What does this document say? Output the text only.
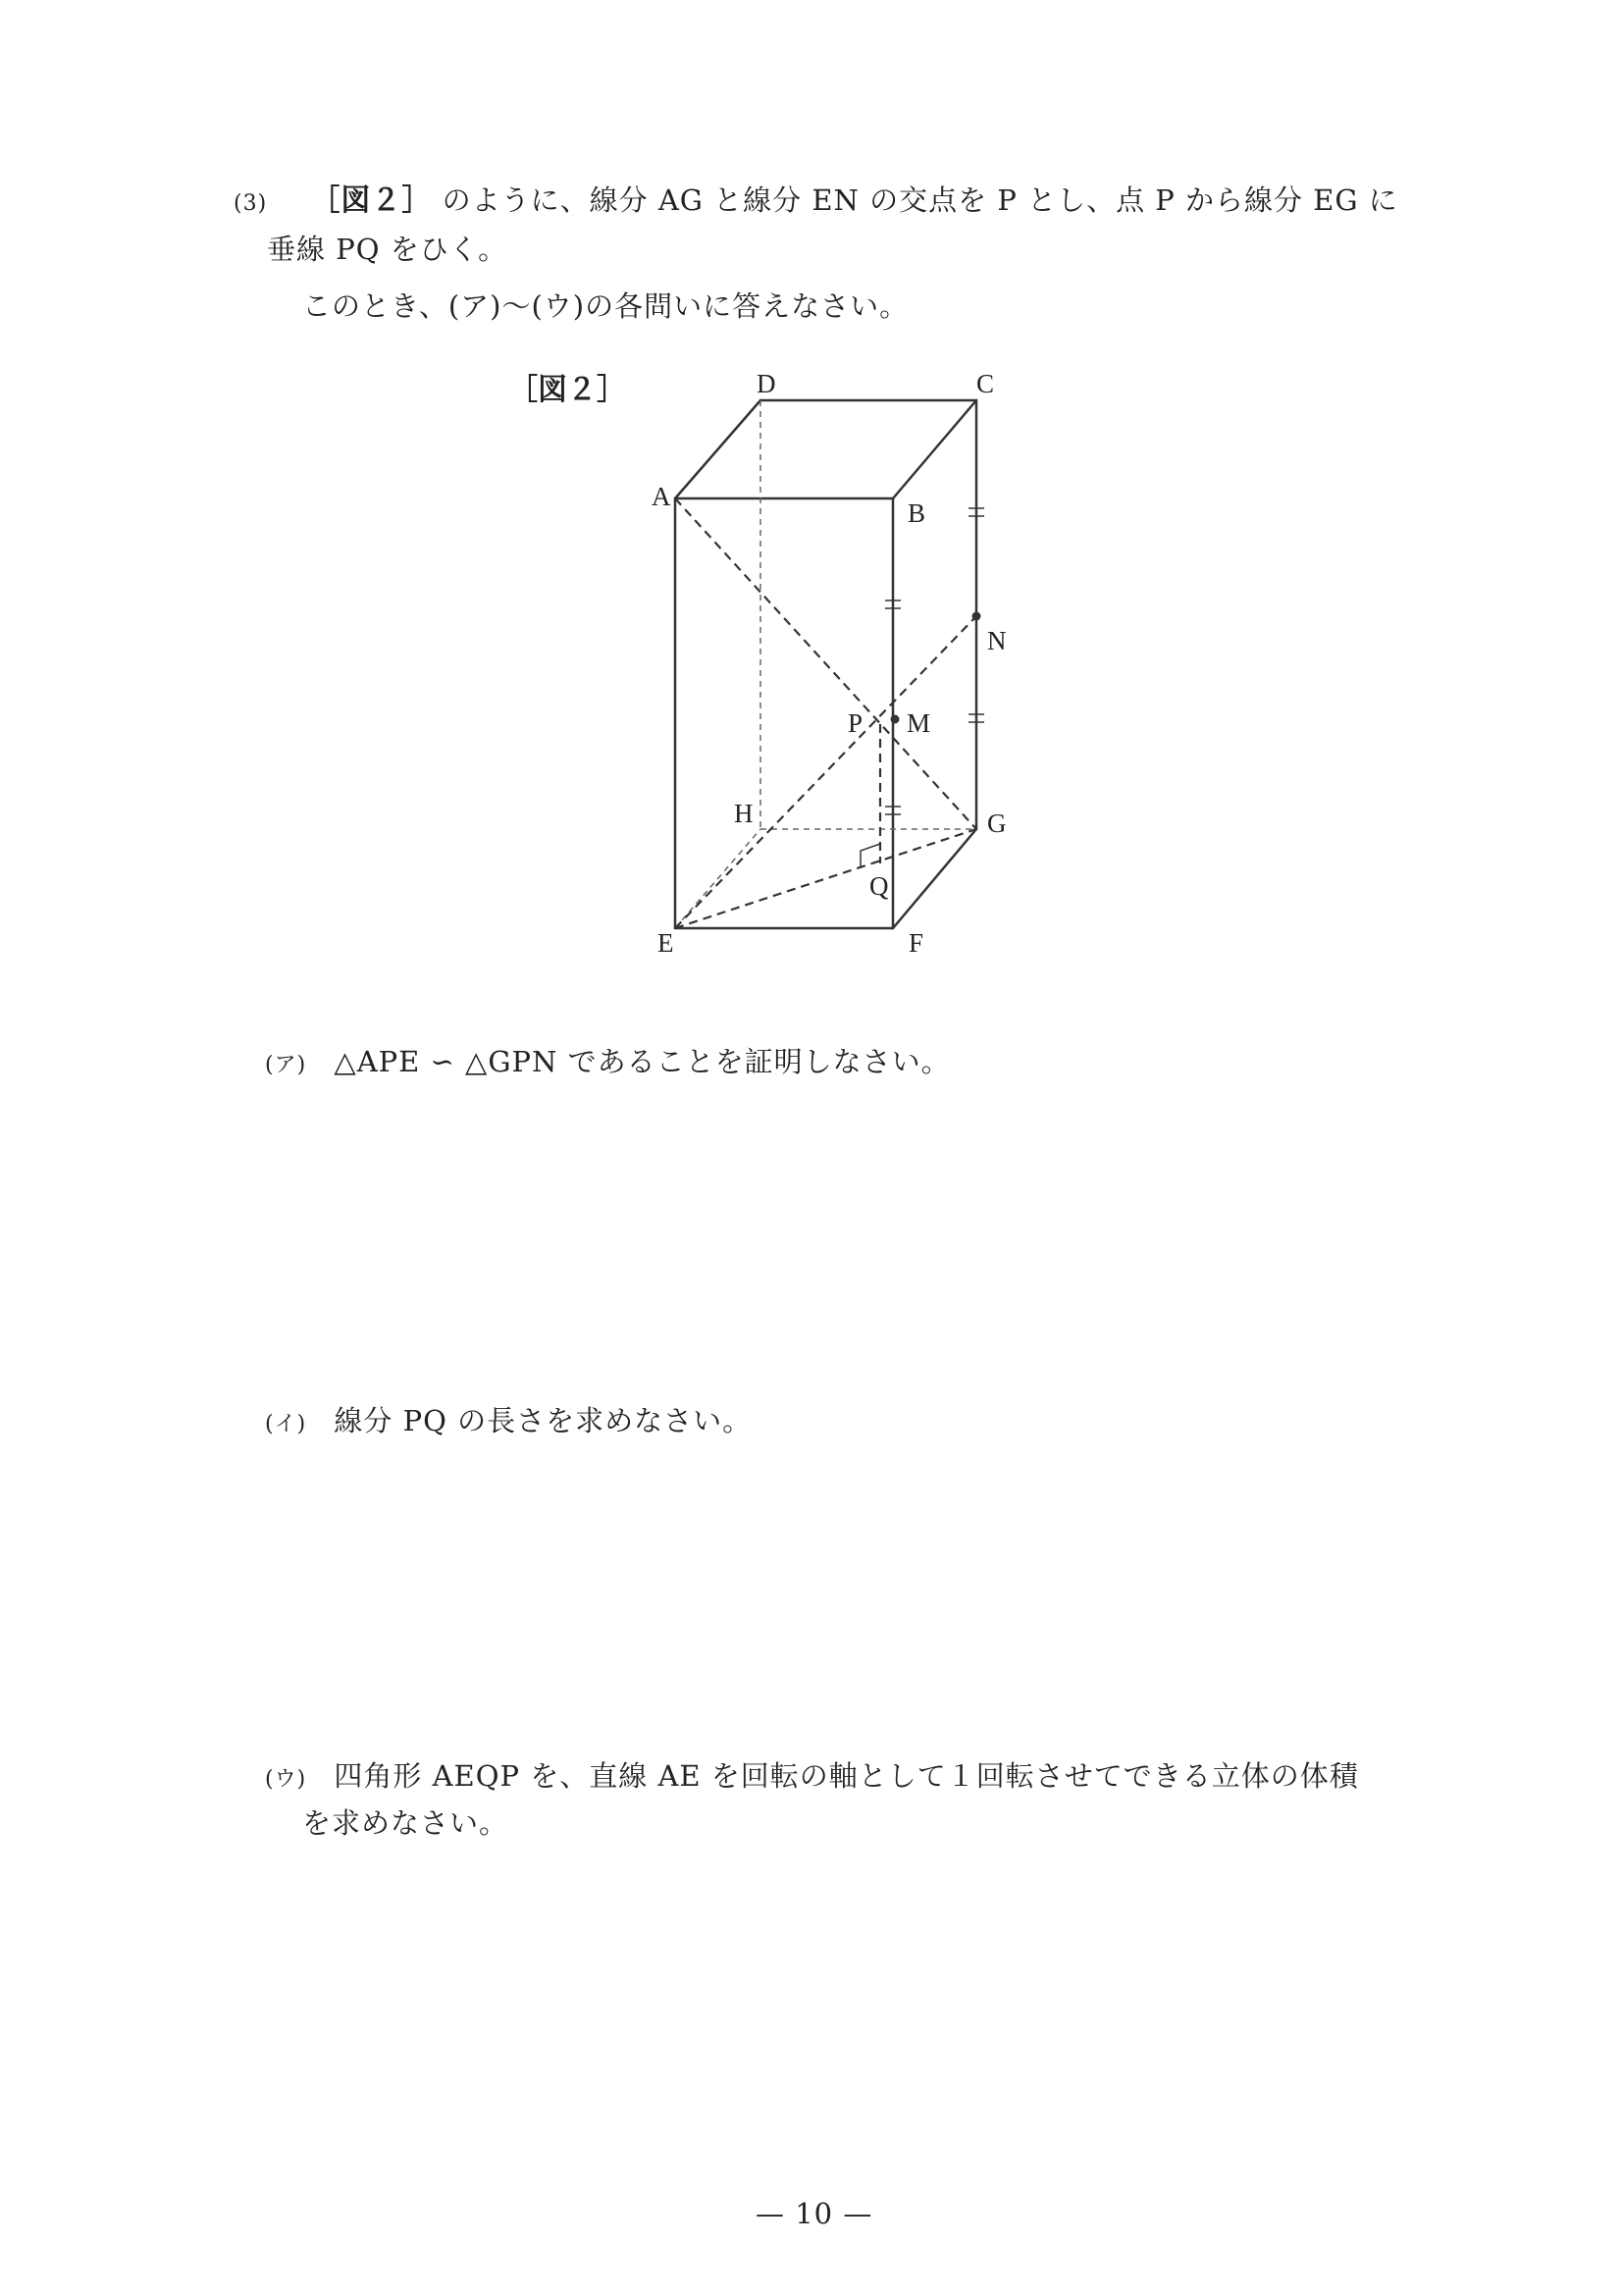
(3) ［図２］ のように、線分 AG と線分 EN の交点を P とし、点 P から線分 EG に
垂線 PQ をひく。
このとき、(ア)〜(ウ)の各問いに答えなさい。
［図２］
A
B
C
D
E	F
G
H
M
N
P
Q
(ア) △APE ∽ △GPN であることを証明しなさい。
(イ) 線分 PQ の長さを求めなさい。
(ウ) 四角形 AEQP を、直線 AE を回転の軸として１回転させてできる立体の体積
を求めなさい。
— 10 —
